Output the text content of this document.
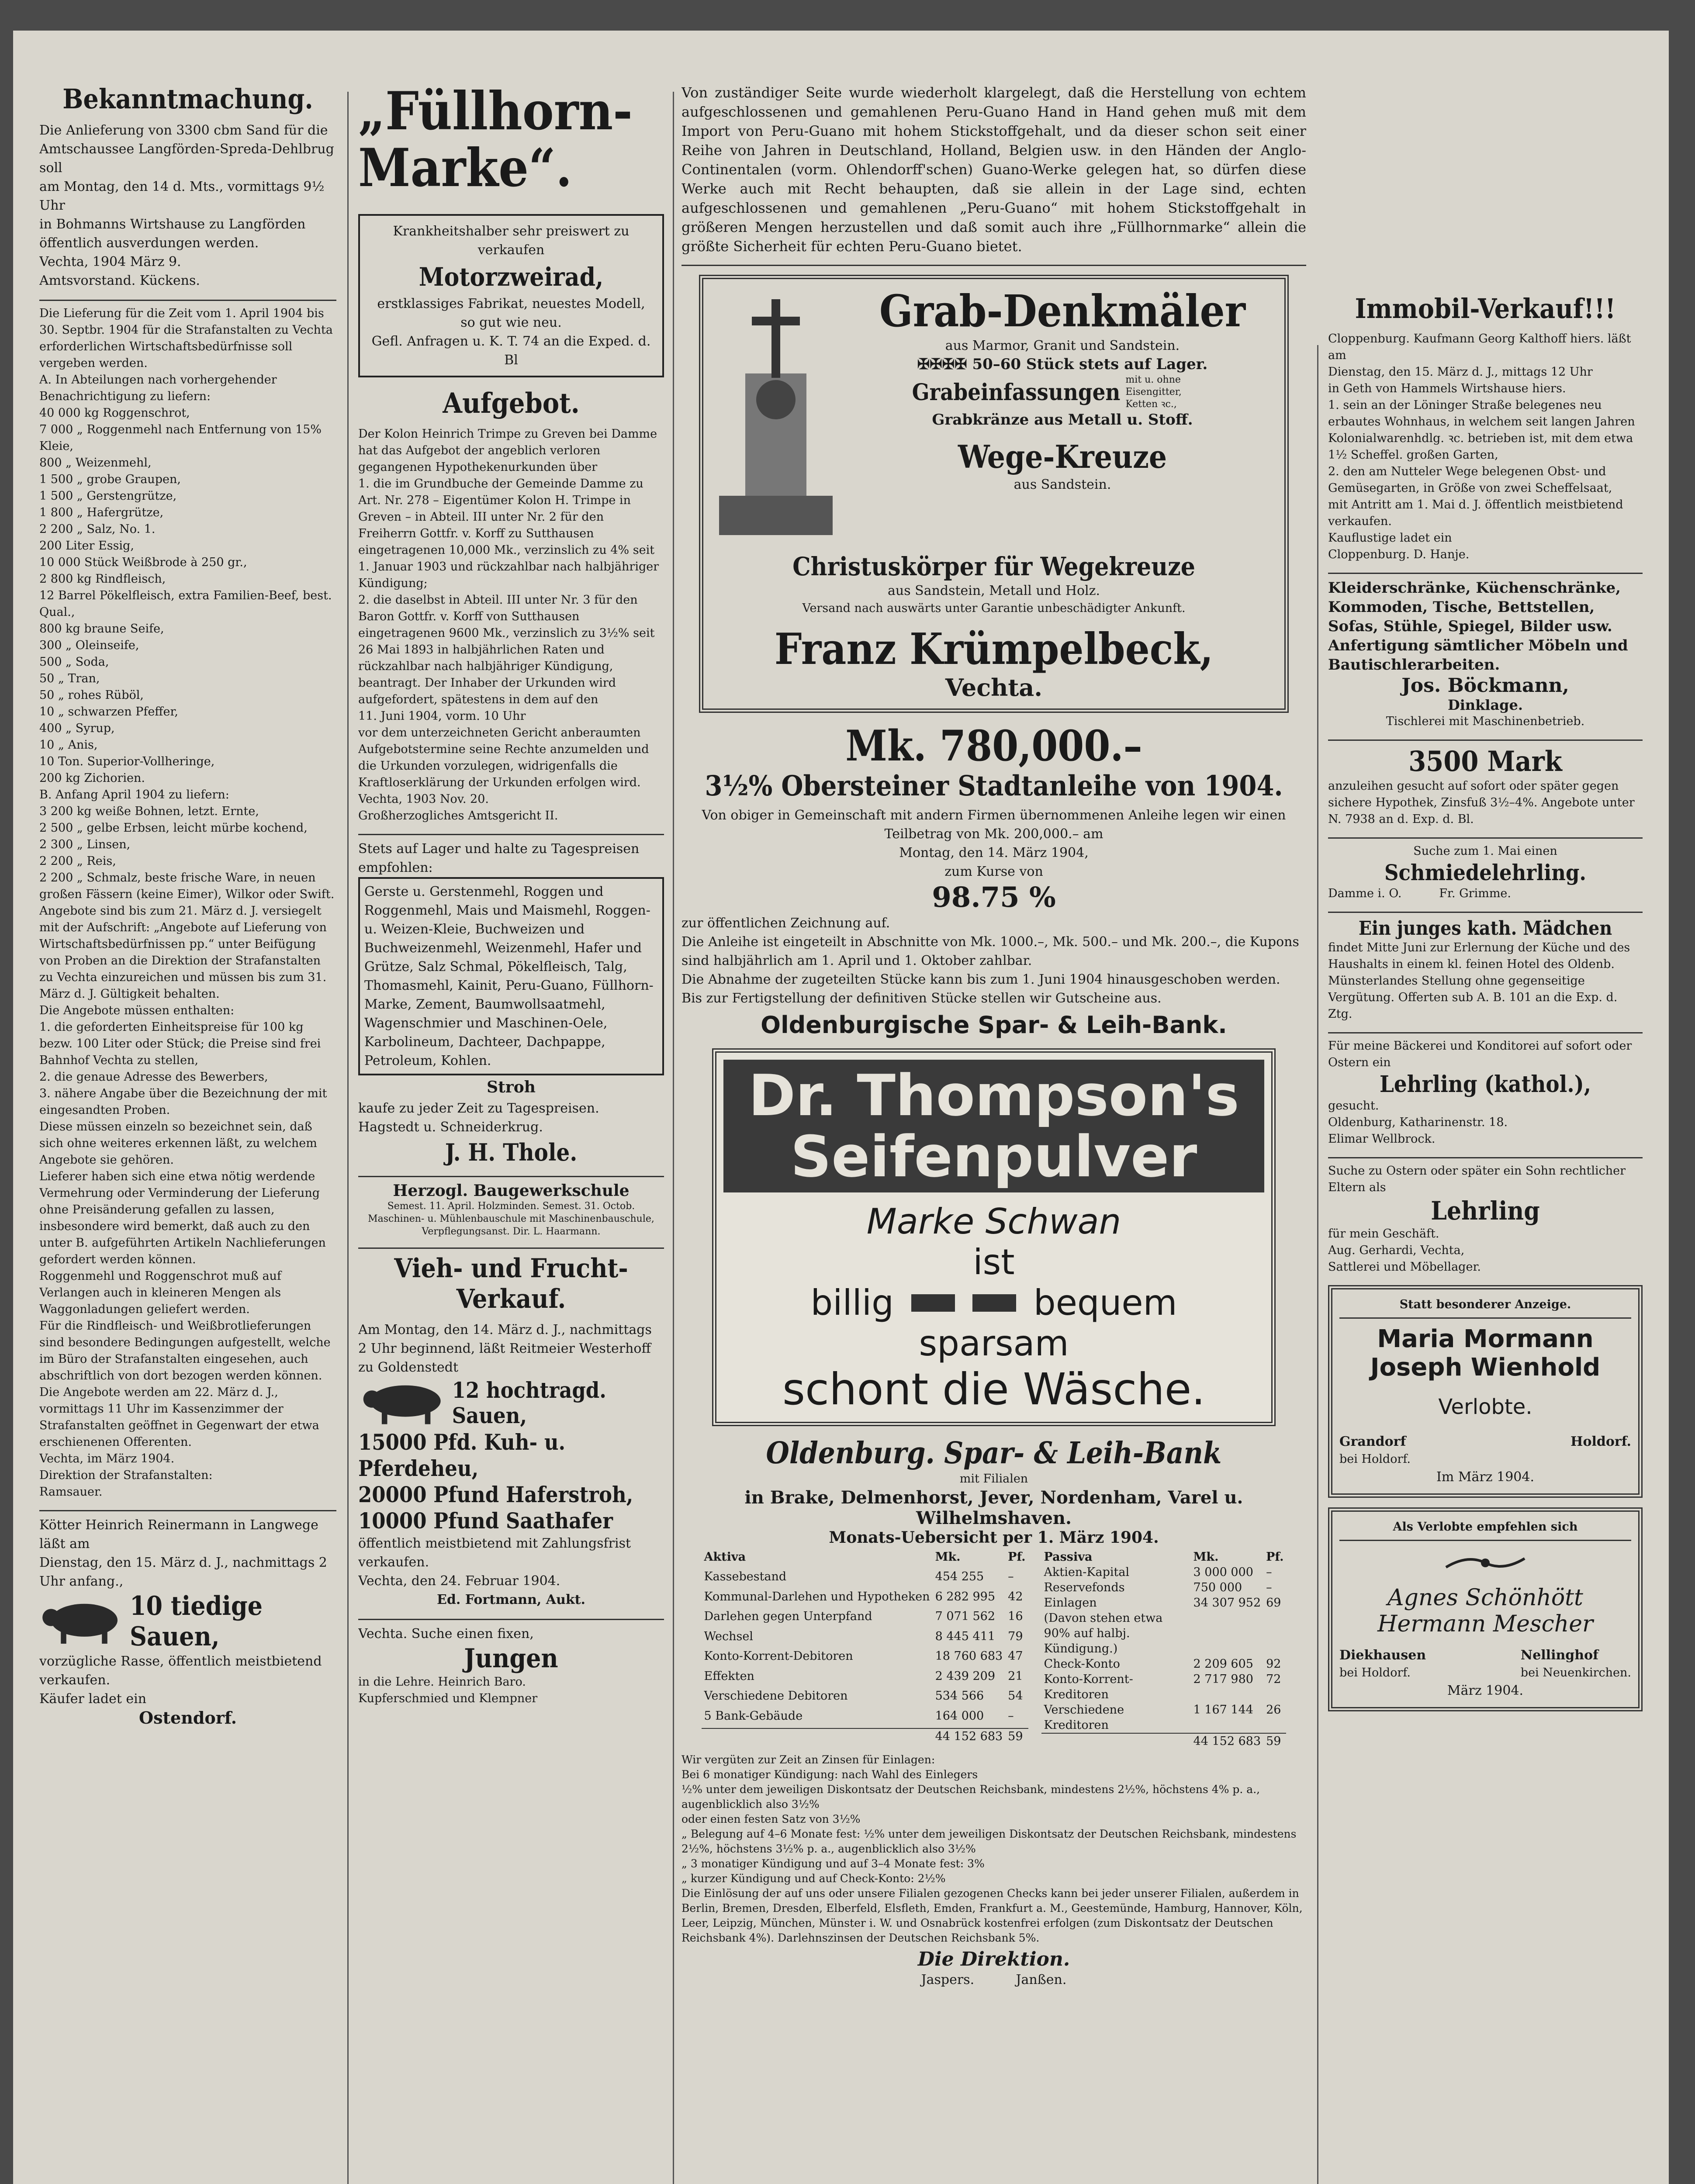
Bekanntmachung.

Die Anlieferung von 3300 cbm Sand für die Amtschaussee Langförden-Spreda-Dehlbrug soll
am Montag, den 14 d. Mts., vormittags 9½ Uhr
in Bohmanns Wirtshause zu Langförden öffentlich ausverdungen werden.
Vechta, 1904 März 9.
Amtsvorstand. Kückens.

Die Lieferung für die Zeit vom 1. April 1904 bis 30. Septbr. 1904 für die Strafanstalten zu Vechta erforderlichen Wirtschaftsbedürfnisse soll vergeben werden.
A. In Abteilungen nach vorhergehender Benachrichtigung zu liefern:
40 000 kg Roggenschrot,
7 000 „ Roggenmehl nach Entfernung von 15% Kleie,
800 „ Weizenmehl,
1 500 „ grobe Graupen,
1 500 „ Gerstengrütze,
1 800 „ Hafergrütze,
2 200 „ Salz, No. 1.
200 Liter Essig,
10 000 Stück Weißbrode à 250 gr.,
2 800 kg Rindfleisch,
12 Barrel Pökelfleisch, extra Familien-Beef, best. Qual.,
800 kg braune Seife,
300 „ Oleinseife,
500 „ Soda,
50 „ Tran,
50 „ rohes Rüböl,
10 „ schwarzen Pfeffer,
400 „ Syrup,
10 „ Anis,
10 Ton. Superior-Vollheringe,
200 kg Zichorien.
B. Anfang April 1904 zu liefern:
3 200 kg weiße Bohnen, letzt. Ernte,
2 500 „ gelbe Erbsen, leicht mürbe kochend,
2 300 „ Linsen,
2 200 „ Reis,
2 200 „ Schmalz, beste frische Ware, in neuen großen Fässern (keine Eimer), Wilkor oder Swift.
Angebote sind bis zum 21. März d. J. versiegelt mit der Aufschrift: „Angebote auf Lieferung von Wirtschaftsbedürfnissen pp.“ unter Beifügung von Proben an die Direktion der Strafanstalten zu Vechta einzureichen und müssen bis zum 31. März d. J. Gültigkeit behalten.
Die Angebote müssen enthalten:
1. die geforderten Einheitspreise für 100 kg bezw. 100 Liter oder Stück; die Preise sind frei Bahnhof Vechta zu stellen,
2. die genaue Adresse des Bewerbers,
3. nähere Angabe über die Bezeichnung der mit eingesandten Proben.
Diese müssen einzeln so bezeichnet sein, daß sich ohne weiteres erkennen läßt, zu welchem Angebote sie gehören.
Lieferer haben sich eine etwa nötig werdende Vermehrung oder Verminderung der Lieferung ohne Preisänderung gefallen zu lassen, insbesondere wird bemerkt, daß auch zu den unter B. aufgeführten Artikeln Nachlieferungen gefordert werden können.
Roggenmehl und Roggenschrot muß auf Verlangen auch in kleineren Mengen als Waggonladungen geliefert werden.
Für die Rindfleisch- und Weißbrotlieferungen sind besondere Bedingungen aufgestellt, welche im Büro der Strafanstalten eingesehen, auch abschriftlich von dort bezogen werden können.
Die Angebote werden am 22. März d. J., vormittags 11 Uhr im Kassenzimmer der Strafanstalten geöffnet in Gegenwart der etwa erschienenen Offerenten.
Vechta, im März 1904.
Direktion der Strafanstalten:
Ramsauer.

Kötter Heinrich Reinermann in Langwege läßt am
Dienstag, den 15. März d. J., nachmittags 2 Uhr anfang.,

10 tiedige Sauen,

vorzügliche Rasse, öffentlich meistbietend verkaufen.
Käufer ladet ein

Ostendorf.

„Füllhorn-Marke“.

Krankheitshalber sehr preiswert zu verkaufen

Motorzweirad,

erstklassiges Fabrikat, neuestes Modell, so gut wie neu.
Gefl. Anfragen u. K. T. 74 an die Exped. d. Bl

Aufgebot.

Der Kolon Heinrich Trimpe zu Greven bei Damme hat das Aufgebot der angeblich verloren gegangenen Hypothekenurkunden über
1. die im Grundbuche der Gemeinde Damme zu Art. Nr. 278 – Eigentümer Kolon H. Trimpe in Greven – in Abteil. III unter Nr. 2 für den Freiherrn Gottfr. v. Korff zu Sutthausen eingetragenen 10,000 Mk., verzinslich zu 4% seit 1. Januar 1903 und rückzahlbar nach halbjähriger Kündigung;
2. die daselbst in Abteil. III unter Nr. 3 für den Baron Gottfr. v. Korff von Sutthausen eingetragenen 9600 Mk., verzinslich zu 3½% seit 26 Mai 1893 in halbjährlichen Raten und rückzahlbar nach halbjähriger Kündigung, beantragt. Der Inhaber der Urkunden wird aufgefordert, spätestens in dem auf den
11. Juni 1904, vorm. 10 Uhr
vor dem unterzeichneten Gericht anberaumten Aufgebotstermine seine Rechte anzumelden und die Urkunden vorzulegen, widrigenfalls die Kraftloserklärung der Urkunden erfolgen wird.
Vechta, 1903 Nov. 20.
Großherzogliches Amtsgericht II.

Stets auf Lager und halte zu Tagespreisen empfohlen:

Gerste u. Gerstenmehl, Roggen und Roggenmehl, Mais und Maismehl, Roggen- u. Weizen-Kleie, Buchweizen und Buchweizenmehl, Weizenmehl, Hafer und Grütze, Salz Schmal, Pökelfleisch, Talg, Thomasmehl, Kainit, Peru-Guano, Füllhorn-Marke, Zement, Baumwollsaatmehl, Wagenschmier und Maschinen-Oele, Karbolineum, Dachteer, Dachpappe, Petroleum, Kohlen.

Stroh

kaufe zu jeder Zeit zu Tagespreisen.
Hagstedt u. Schneiderkrug.

J. H. Thole.

Herzogl. Baugewerkschule

Semest. 11. April. Holzminden. Semest. 31. Octob.
Maschinen- u. Mühlenbauschule mit Maschinenbauschule,
Verpflegungsanst. Dir. L. Haarmann.

Vieh- und Frucht-Verkauf.

Am Montag, den 14. März d. J., nachmittags 2 Uhr beginnend, läßt Reitmeier Westerhoff zu Goldenstedt

12 hochtragd. Sauen,

15000 Pfd. Kuh- u. Pferdeheu,

20000 Pfund Haferstroh, 10000 Pfund Saathafer

öffentlich meistbietend mit Zahlungsfrist verkaufen.
Vechta, den 24. Februar 1904.

Ed. Fortmann, Aukt.

Vechta. Suche einen fixen,

Jungen

in die Lehre. Heinrich Baro.
Kupferschmied und Klempner

Von zuständiger Seite wurde wiederholt klargelegt, daß die Herstellung von echtem aufgeschlossenen und gemahlenen Peru-Guano Hand in Hand gehen muß mit dem Import von Peru-Guano mit hohem Stickstoffgehalt, und da dieser schon seit einer Reihe von Jahren in Deutschland, Holland, Belgien usw. in den Händen der Anglo-Continentalen (vorm. Ohlendorff'schen) Guano-Werke gelegen hat, so dürfen diese Werke auch mit Recht behaupten, daß sie allein in der Lage sind, echten aufgeschlossenen und gemahlenen „Peru-Guano“ mit hohem Stickstoffgehalt in größeren Mengen herzustellen und daß somit auch ihre „Füllhornmarke“ allein die größte Sicherheit für echten Peru-Guano bietet.

Grab-Denkmäler

aus Marmor, Granit und Sandstein.

✠✠✠✠ 50–60 Stück stets auf Lager.

Grabeinfassungen mit u. ohne Eisengitter, Ketten ꝛc.,

Grabkränze aus Metall u. Stoff.

Wege-Kreuze

aus Sandstein.

Christuskörper für Wegekreuze

aus Sandstein, Metall und Holz.

Versand nach auswärts unter Garantie unbeschädigter Ankunft.

Franz Krümpelbeck,

Vechta.

Mk. 780,000.–

3½% Obersteiner Stadtanleihe von 1904.

Von obiger in Gemeinschaft mit andern Firmen übernommenen Anleihe legen wir einen Teilbetrag von Mk. 200,000.– am
Montag, den 14. März 1904,
zum Kurse von

98.75 %

zur öffentlichen Zeichnung auf.
Die Anleihe ist eingeteilt in Abschnitte von Mk. 1000.–, Mk. 500.– und Mk. 200.–, die Kupons sind halbjährlich am 1. April und 1. Oktober zahlbar.
Die Abnahme der zugeteilten Stücke kann bis zum 1. Juni 1904 hinausgeschoben werden.
Bis zur Fertigstellung der definitiven Stücke stellen wir Gutscheine aus.

Oldenburgische Spar- & Leih-Bank.

Dr. Thompson's

Seifenpulver

Marke Schwan

ist

billig	bequem

sparsam

schont die Wäsche.

Oldenburg. Spar- & Leih-Bank

mit Filialen

in Brake, Delmenhorst, Jever, Nordenham, Varel u. Wilhelmshaven.

Monats-Uebersicht per 1. März 1904.

Aktiva	Mk.	Pf.
Kassebestand	454 255	–
Kommunal-Darlehen und Hypotheken	6 282 995	42
Darlehen gegen Unterpfand	7 071 562	16
Wechsel	8 445 411	79
Konto-Korrent-Debitoren	18 760 683	47
Effekten	2 439 209	21
Verschiedene Debitoren	534 566	54
5 Bank-Gebäude	164 000	–
	44 152 683	59
Passiva	Mk.	Pf.
Aktien-Kapital	3 000 000	–
Reservefonds	750 000	–
Einlagen	34 307 952	69
(Davon stehen etwa 90% auf halbj. Kündigung.)		
Check-Konto	2 209 605	92
Konto-Korrent-Kreditoren	2 717 980	72
Verschiedene Kreditoren	1 167 144	26
	44 152 683	59

Wir vergüten zur Zeit an Zinsen für Einlagen:
Bei 6 monatiger Kündigung: nach Wahl des Einlegers
½% unter dem jeweiligen Diskontsatz der Deutschen Reichsbank, mindestens 2½%, höchstens 4% p. a., augenblicklich also 3½%
oder einen festen Satz von 3½%
„ Belegung auf 4–6 Monate fest: ½% unter dem jeweiligen Diskontsatz der Deutschen Reichsbank, mindestens 2½%, höchstens 3½% p. a., augenblicklich also 3½%
„ 3 monatiger Kündigung und auf 3–4 Monate fest: 3%
„ kurzer Kündigung und auf Check-Konto: 2½%
Die Einlösung der auf uns oder unsere Filialen gezogenen Checks kann bei jeder unserer Filialen, außerdem in Berlin, Bremen, Dresden, Elberfeld, Elsfleth, Emden, Frankfurt a. M., Geestemünde, Hamburg, Hannover, Köln, Leer, Leipzig, München, Münster i. W. und Osnabrück kostenfrei erfolgen (zum Diskontsatz der Deutschen Reichsbank 4%). Darlehnszinsen der Deutschen Reichsbank 5%.

Die Direktion.

Jaspers.          Janßen.

Immobil-Verkauf!!!

Cloppenburg. Kaufmann Georg Kalthoff hiers. läßt am
Dienstag, den 15. März d. J., mittags 12 Uhr
in Geth von Hammels Wirtshause hiers.
1. sein an der Löninger Straße belegenes neu erbautes Wohnhaus, in welchem seit langen Jahren Kolonialwarenhdlg. ꝛc. betrieben ist, mit dem etwa 1½ Scheffel. großen Garten,
2. den am Nutteler Wege belegenen Obst- und Gemüsegarten, in Größe von zwei Scheffelsaat,
mit Antritt am 1. Mai d. J. öffentlich meistbietend verkaufen.
Kauflustige ladet ein
Cloppenburg. D. Hanje.

Kleiderschränke, Küchenschränke, Kommoden, Tische, Bettstellen, Sofas, Stühle, Spiegel, Bilder usw. Anfertigung sämtlicher Möbeln und Bautischlerarbeiten.

Jos. Böckmann,

Dinklage.

Tischlerei mit Maschinenbetrieb.

3500 Mark

anzuleihen gesucht auf sofort oder später gegen sichere Hypothek, Zinsfuß 3½–4%. Angebote unter N. 7938 an d. Exp. d. Bl.

Suche zum 1. Mai einen

Schmiedelehrling.

Damme i. O.          Fr. Grimme.

Ein junges kath. Mädchen

findet Mitte Juni zur Erlernung der Küche und des Haushalts in einem kl. feinen Hotel des Oldenb. Münsterlandes Stellung ohne gegenseitige Vergütung. Offerten sub A. B. 101 an die Exp. d. Ztg.

Für meine Bäckerei und Konditorei auf sofort oder Ostern ein

Lehrling (kathol.),

gesucht.
Oldenburg, Katharinenstr. 18.
Elimar Wellbrock.

Suche zu Ostern oder später ein Sohn rechtlicher Eltern als

Lehrling

für mein Geschäft.
Aug. Gerhardi, Vechta,
Sattlerei und Möbellager.

Statt besonderer Anzeige.

Maria Mormann

Joseph Wienhold

Verlobte.

Grandorf

bei Holdorf.

Holdorf.

Im März 1904.

Als Verlobte empfehlen sich

Agnes Schönhött

Hermann Mescher

Diekhausen

bei Holdorf.

Nellinghof

bei Neuenkirchen.

März 1904.
